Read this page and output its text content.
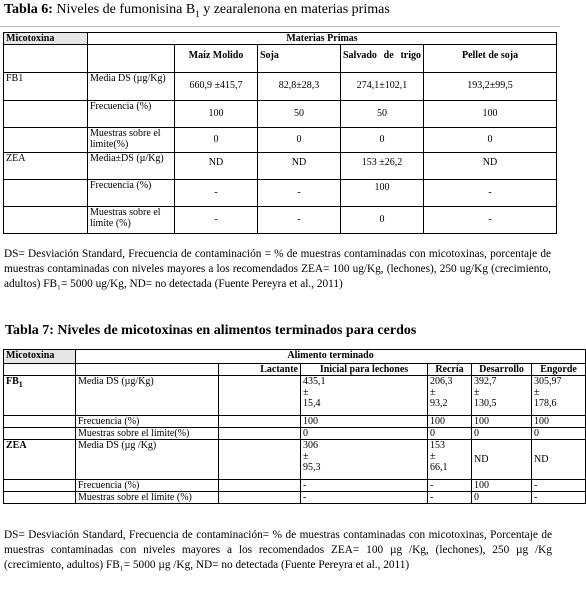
Tabla 6: Niveles de fumonisina $B_1$ y zearalenona en materias primas
Micotoxina	Materias Primas				
		Maíz Molido	Soja	Salvado de trigo	Pellet de soja
FB1	Media DS (µg/Kg)	660,9 ±415,7	82,8±28,3	274,1±102,1	193,2±99,5
	Frecuencia (%)	100	50	50	100
	Muestras sobre el límite(%)	0	0	0	0
ZEA	Media±DS (µ/Kg)	ND	ND	153 ±26,2	ND
	Frecuencia (%)	-	-	100	-
	Muestras sobre el límite (%)	-	-	0	-
DS= Desviación Standard, Frecuencia de contaminación = % de muestras contaminadas con micotoxinas, porcentaje de muestras contaminadas con niveles mayores a los recomendados ZEA= 100 ug/Kg, (lechones), 250 ug/Kg (crecimiento, adultos) FB₁= 5000 ug/Kg, ND= no detectada (Fuente Pereyra et al., 2011)
Tabla 7: Niveles de micotoxinas en alimentos terminados para cerdos
Micotoxina	Alimento terminado					
		Lactante	Inicial para lechones	Recría	Desarrollo	Engorde
$FB_1$	Media DS (µg/Kg)		435,1
±
15,4	206,3
±
93,2	392,7
±
130,5	305,97
±
178,6
	Frecuencia (%)		100	100	100	100
	Muestras sobre el límite(%)		0	0	0	0
ZEA	Media DS (µg /Kg)		306
±
95,3	153
±
66,1	ND	ND
	Frecuencia (%)		-	-	100	-
	Muestras sobre el límite (%)		-	-	0	-
DS= Desviación Standard, Frecuencia de contaminación= % de muestras contaminadas con micotoxinas, Porcentaje de muestras contaminadas con niveles mayores a los recomendados ZEA= 100 µg /Kg, (lechones), 250 µg /Kg (crecimiento, adultos) FB₁= 5000 µg /Kg, ND= no detectada (Fuente Pereyra et al., 2011)
